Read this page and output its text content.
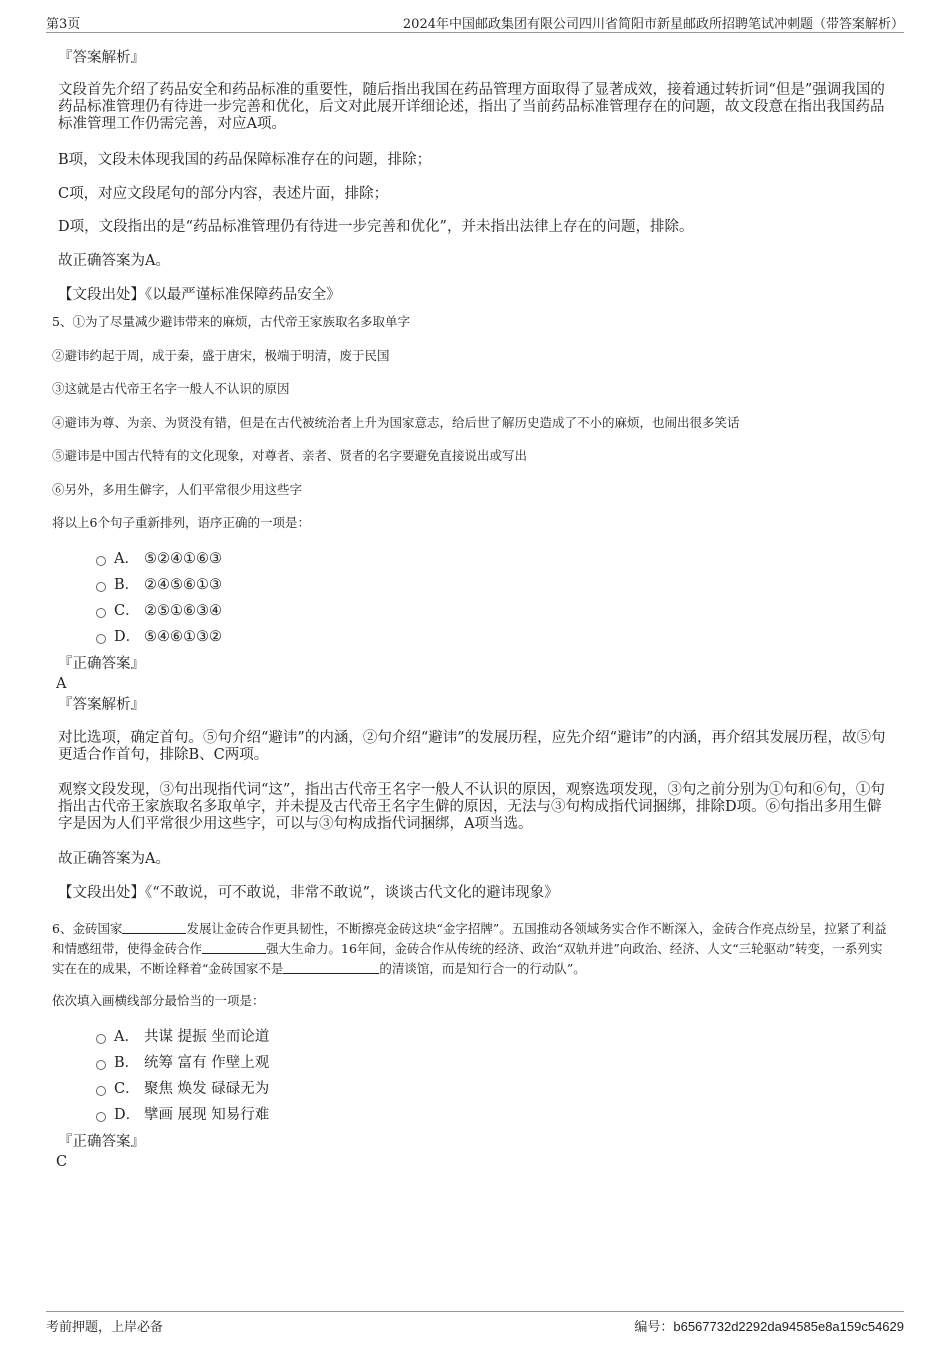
第3页	2024年中国邮政集团有限公司四川省简阳市新星邮政所招聘笔试冲刺题（带答案解析）
『答案解析』
文段首先介绍了药品安全和药品标准的重要性，随后指出我国在药品管理方面取得了显著成效，接着通过转折词“但是”强调我国的药品标准管理仍有待进一步完善和优化，后文对此展开详细论述，指出了当前药品标准管理存在的问题，故文段意在指出我国药品标准管理工作仍需完善，对应A项。
B项，文段未体现我国的药品保障标准存在的问题，排除；
C项，对应文段尾句的部分内容，表述片面，排除；
D项，文段指出的是“药品标准管理仍有待进一步完善和优化”，并未指出法律上存在的问题，排除。
故正确答案为A。
【文段出处】《以最严谨标准保障药品安全》
5、①为了尽量减少避讳带来的麻烦，古代帝王家族取名多取单字
②避讳约起于周，成于秦，盛于唐宋，极端于明清，废于民国
③这就是古代帝王名字一般人不认识的原因
④避讳为尊、为亲、为贤没有错，但是在古代被统治者上升为国家意志，给后世了解历史造成了不小的麻烦，也闹出很多笑话
⑤避讳是中国古代特有的文化现象，对尊者、亲者、贤者的名字要避免直接说出或写出
⑥另外，多用生僻字，人们平常很少用这些字
将以上6个句子重新排列，语序正确的一项是：
A． ⑤②④①⑥③
B． ②④⑤⑥①③
C． ②⑤①⑥③④
D． ⑤④⑥①③②
『正确答案』
A
『答案解析』
对比选项，确定首句。⑤句介绍“避讳”的内涵，②句介绍“避讳”的发展历程，应先介绍“避讳”的内涵，再介绍其发展历程，故⑤句更适合作首句，排除B、C两项。
观察文段发现，③句出现指代词“这”，指出古代帝王名字一般人不认识的原因，观察选项发现，③句之前分别为①句和⑥句，①句指出古代帝王家族取名多取单字，并未提及古代帝王名字生僻的原因，无法与③句构成指代词捆绑，排除D项。⑥句指出多用生僻字是因为人们平常很少用这些字，可以与③句构成指代词捆绑，A项当选。
故正确答案为A。
【文段出处】《“不敢说，可不敢说，非常不敢说”，谈谈古代文化的避讳现象》
6、金砖国家	发展让金砖合作更具韧性，不断擦亮金砖这块“金字招牌”。五国推动各领域务实合作不断深入，金砖合作亮点纷呈，拉紧了利益和情感纽带，使得金砖合作	强大生命力。16年间，金砖合作从传统的经济、政治“双轨并进”向政治、经济、人文“三轮驱动”转变，一系列实实在在的成果，不断诠释着“金砖国家不是	的清谈馆，而是知行合一的行动队”。
依次填入画横线部分最恰当的一项是：
A． 共谋 提振 坐而论道
B． 统筹 富有 作壁上观
C． 聚焦 焕发 碌碌无为
D． 擘画 展现 知易行难
『正确答案』
C
考前押题，上岸必备	编号：b6567732d2292da94585e8a159c54629
